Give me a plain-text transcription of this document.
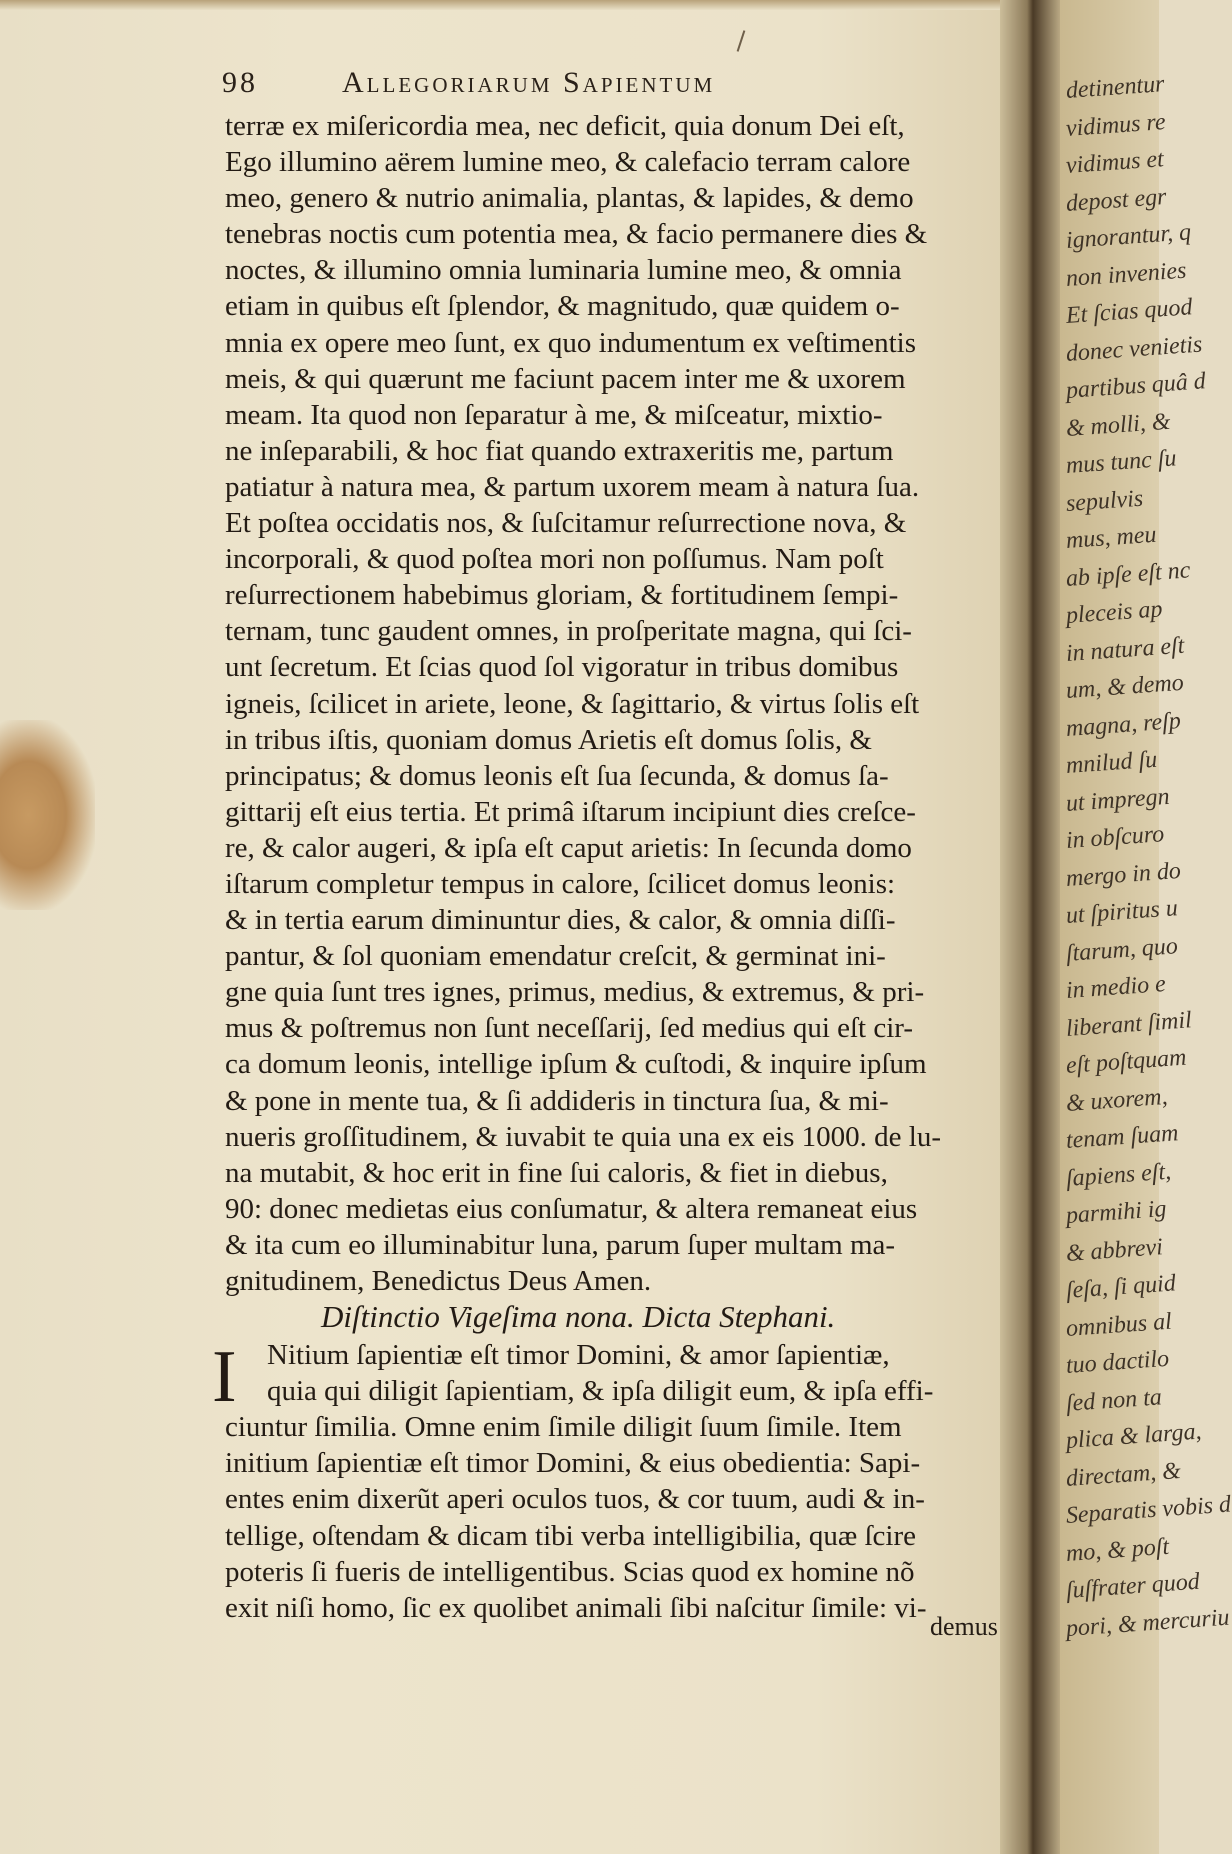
98	Allegoriarum Sapientum
terræ ex miſericordia mea, nec deficit, quia donum Dei eſt,
Ego illumino aërem lumine meo, & calefacio terram calore
meo, genero & nutrio animalia, plantas, & lapides, & demo
tenebras noctis cum potentia mea, & facio permanere dies &
noctes, & illumino omnia luminaria lumine meo, & omnia
etiam in quibus eſt ſplendor, & magnitudo, quæ quidem o-
mnia ex opere meo ſunt, ex quo indumentum ex veſtimentis
meis, & qui quærunt me faciunt pacem inter me & uxorem
meam. Ita quod non ſeparatur à me, & miſceatur, mixtio-
ne inſeparabili, & hoc fiat quando extraxeritis me, partum
patiatur à natura mea, & partum uxorem meam à natura ſua.
Et poſtea occidatis nos, & ſuſcitamur reſurrectione nova, &
incorporali, & quod poſtea mori non poſſumus. Nam poſt
reſurrectionem habebimus gloriam, & fortitudinem ſempi-
ternam, tunc gaudent omnes, in proſperitate magna, qui ſci-
unt ſecretum. Et ſcias quod ſol vigoratur in tribus domibus
igneis, ſcilicet in ariete, leone, & ſagittario, & virtus ſolis eſt
in tribus iſtis, quoniam domus Arietis eſt domus ſolis, &
principatus; & domus leonis eſt ſua ſecunda, & domus ſa-
gittarij eſt eius tertia. Et primâ iſtarum incipiunt dies creſce-
re, & calor augeri, & ipſa eſt caput arietis: In ſecunda domo
iſtarum completur tempus in calore, ſcilicet domus leonis:
& in tertia earum diminuntur dies, & calor, & omnia diſſi-
pantur, & ſol quoniam emendatur creſcit, & germinat ini-
gne quia ſunt tres ignes, primus, medius, & extremus, & pri-
mus & poſtremus non ſunt neceſſarij, ſed medius qui eſt cir-
ca domum leonis, intellige ipſum & cuſtodi, & inquire ipſum
& pone in mente tua, & ſi addideris in tinctura ſua, & mi-
nueris groſſitudinem, & iuvabit te quia una ex eis 1000. de lu-
na mutabit, & hoc erit in fine ſui caloris, & fiet in diebus,
90: donec medietas eius conſumatur, & altera remaneat eius
& ita cum eo illuminabitur luna, parum ſuper multam ma-
gnitudinem, Benedictus Deus Amen.
Diſtinctio Vigeſima nona. Dicta Stephani.
Nitium ſapientiæ eſt timor Domini, & amor ſapientiæ,
quia qui diligit ſapientiam, & ipſa diligit eum, & ipſa effi-
ciuntur ſimilia. Omne enim ſimile diligit ſuum ſimile. Item
initium ſapientiæ eſt timor Domini, & eius obedientia: Sapi-
entes enim dixerũt aperi oculos tuos, & cor tuum, audi & in-
tellige, oſtendam & dicam tibi verba intelligibilia, quæ ſcire
poteris ſi fueris de intelligentibus. Scias quod ex homine nõ
exit niſi homo, ſic ex quolibet animali ſibi naſcitur ſimile: vi-
I
demus
detinentur
vidimus re
vidimus et
depost egr
ignorantur, q
non invenies
Et ſcias quod
donec venietis
partibus quâ d
& molli, &
mus tunc ſu
sepulvis
mus, meu
ab ipſe eſt nc
pleceis ap
in natura eſt
um, & demo
magna, reſp
mnilud ſu
ut impregn
in obſcuro
mergo in do
ut ſpiritus u
ſtarum, quo
in medio e
liberant ſimil
eſt poſtquam
& uxorem,
tenam ſuam
ſapiens eſt,
parmihi ig
& abbrevi
ſeſa, ſi quid
omnibus al
tuo dactilo
ſed non ta
plica & larga,
directam, &
Separatis vobis d
mo, & poſt
ſuſfrater quod
pori, & mercuriu
